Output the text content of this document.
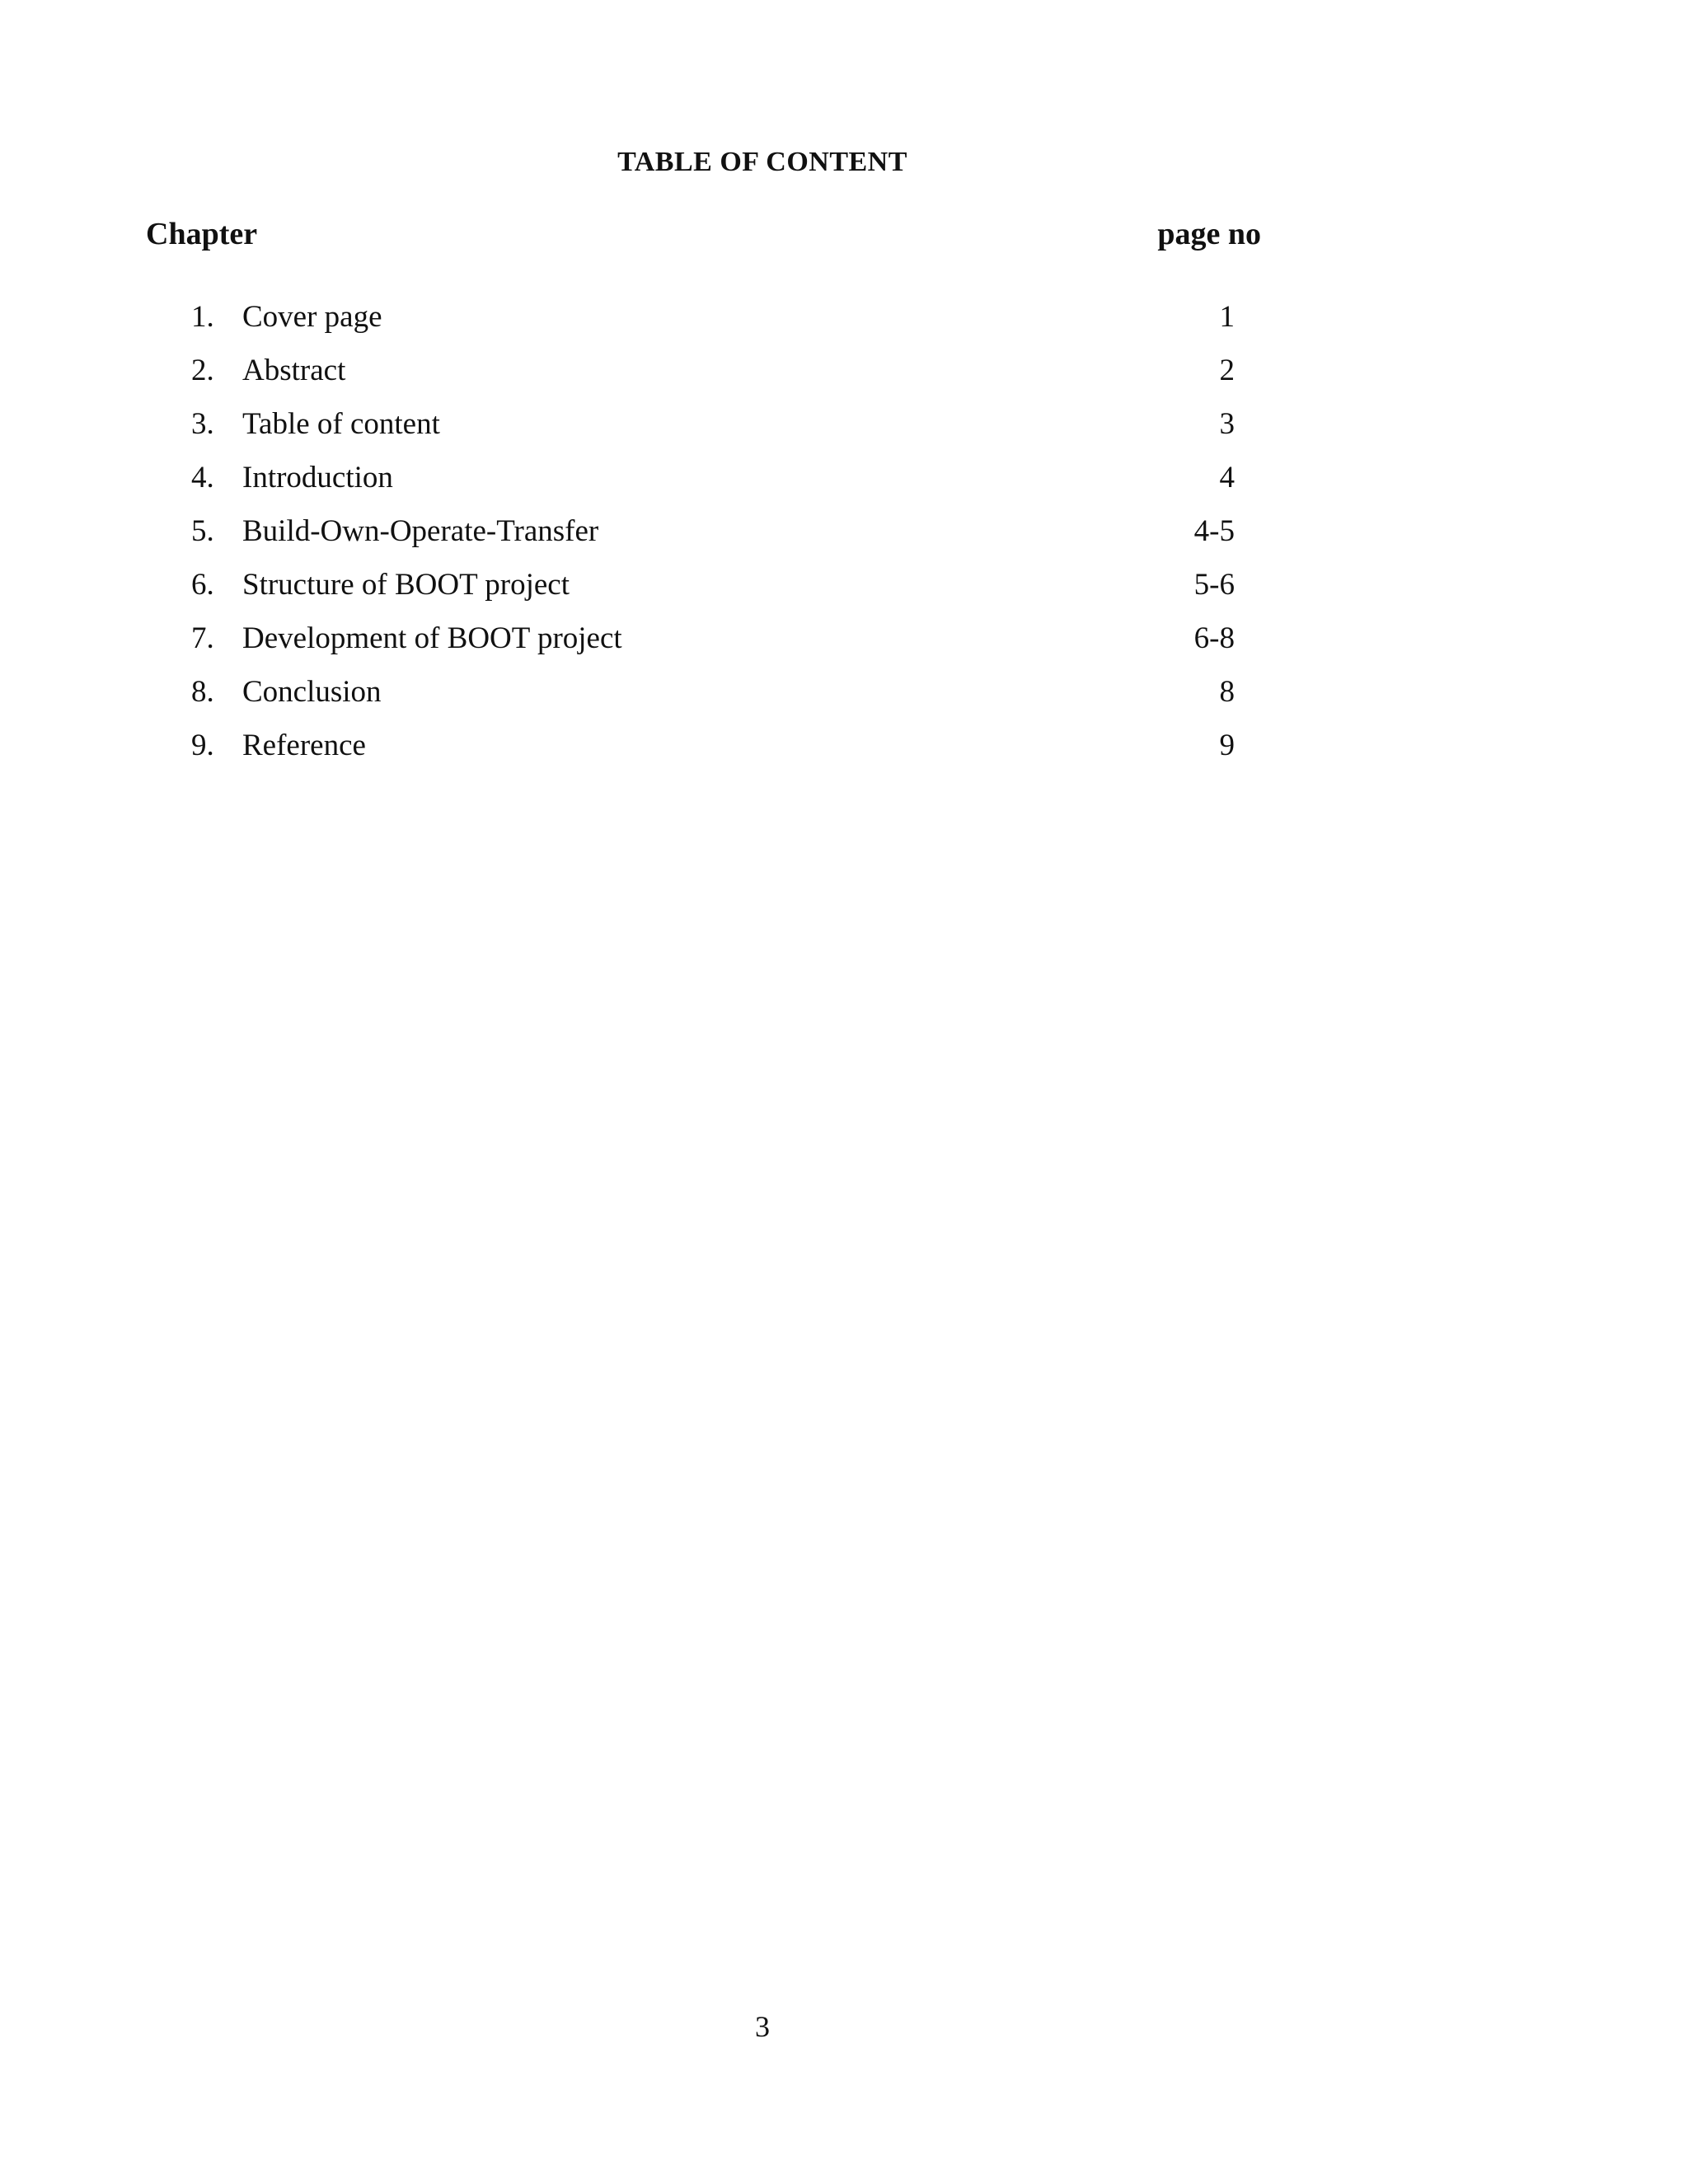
TABLE OF CONTENT
Chapter	page no
1. Cover page	1
2. Abstract	2
3. Table of content	3
4. Introduction	4
5. Build-Own-Operate-Transfer	4-5
6. Structure of BOOT project	5-6
7. Development of BOOT project	6-8
8. Conclusion	8
9. Reference	9
3
